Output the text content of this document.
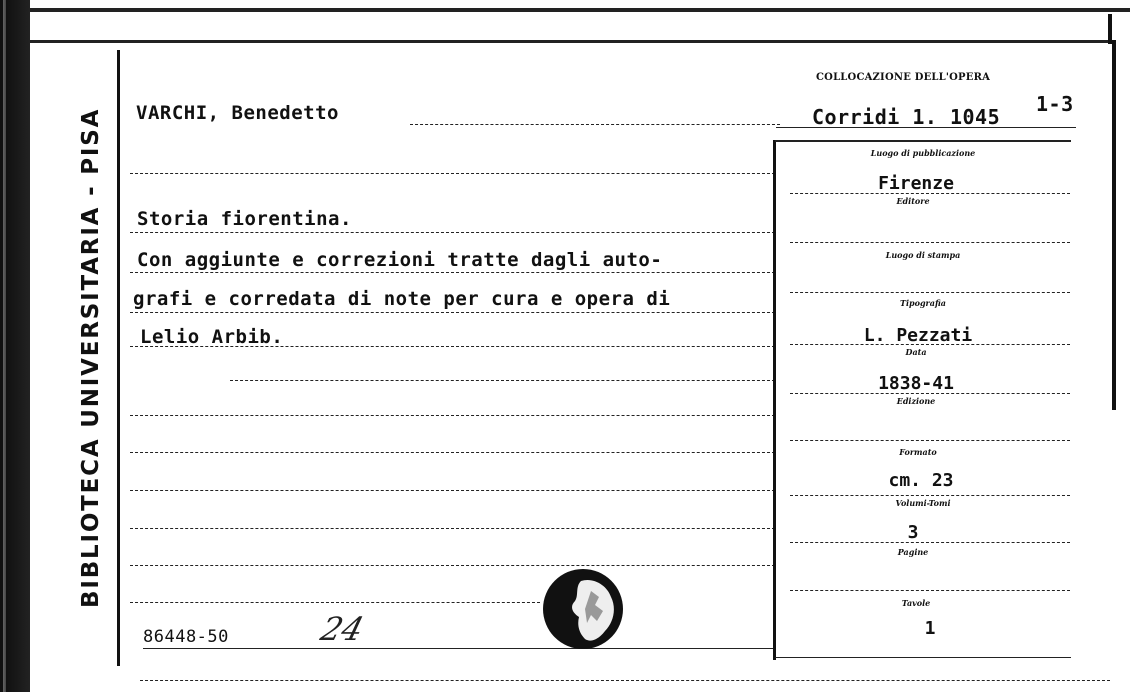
BIBLIOTECA UNIVERSITARIA - PISA VARCHI, Benedetto
COLLOCAZIONE DELL'OPERA
Corridi 1. 1045
1-3
Storia fiorentina.
Con aggiunte e correzioni tratte dagli auto-
grafi e corredata di note per cura e opera di
Lelio Arbib.
Luogo di pubblicazione
Firenze
Editore
Luogo di stampa
Tipografia
L. Pezzati
Data
1838-41
Edizione
Formato
cm. 23
Volumi-Tomi
3
Pagine
Tavole
1
86448-50	24
